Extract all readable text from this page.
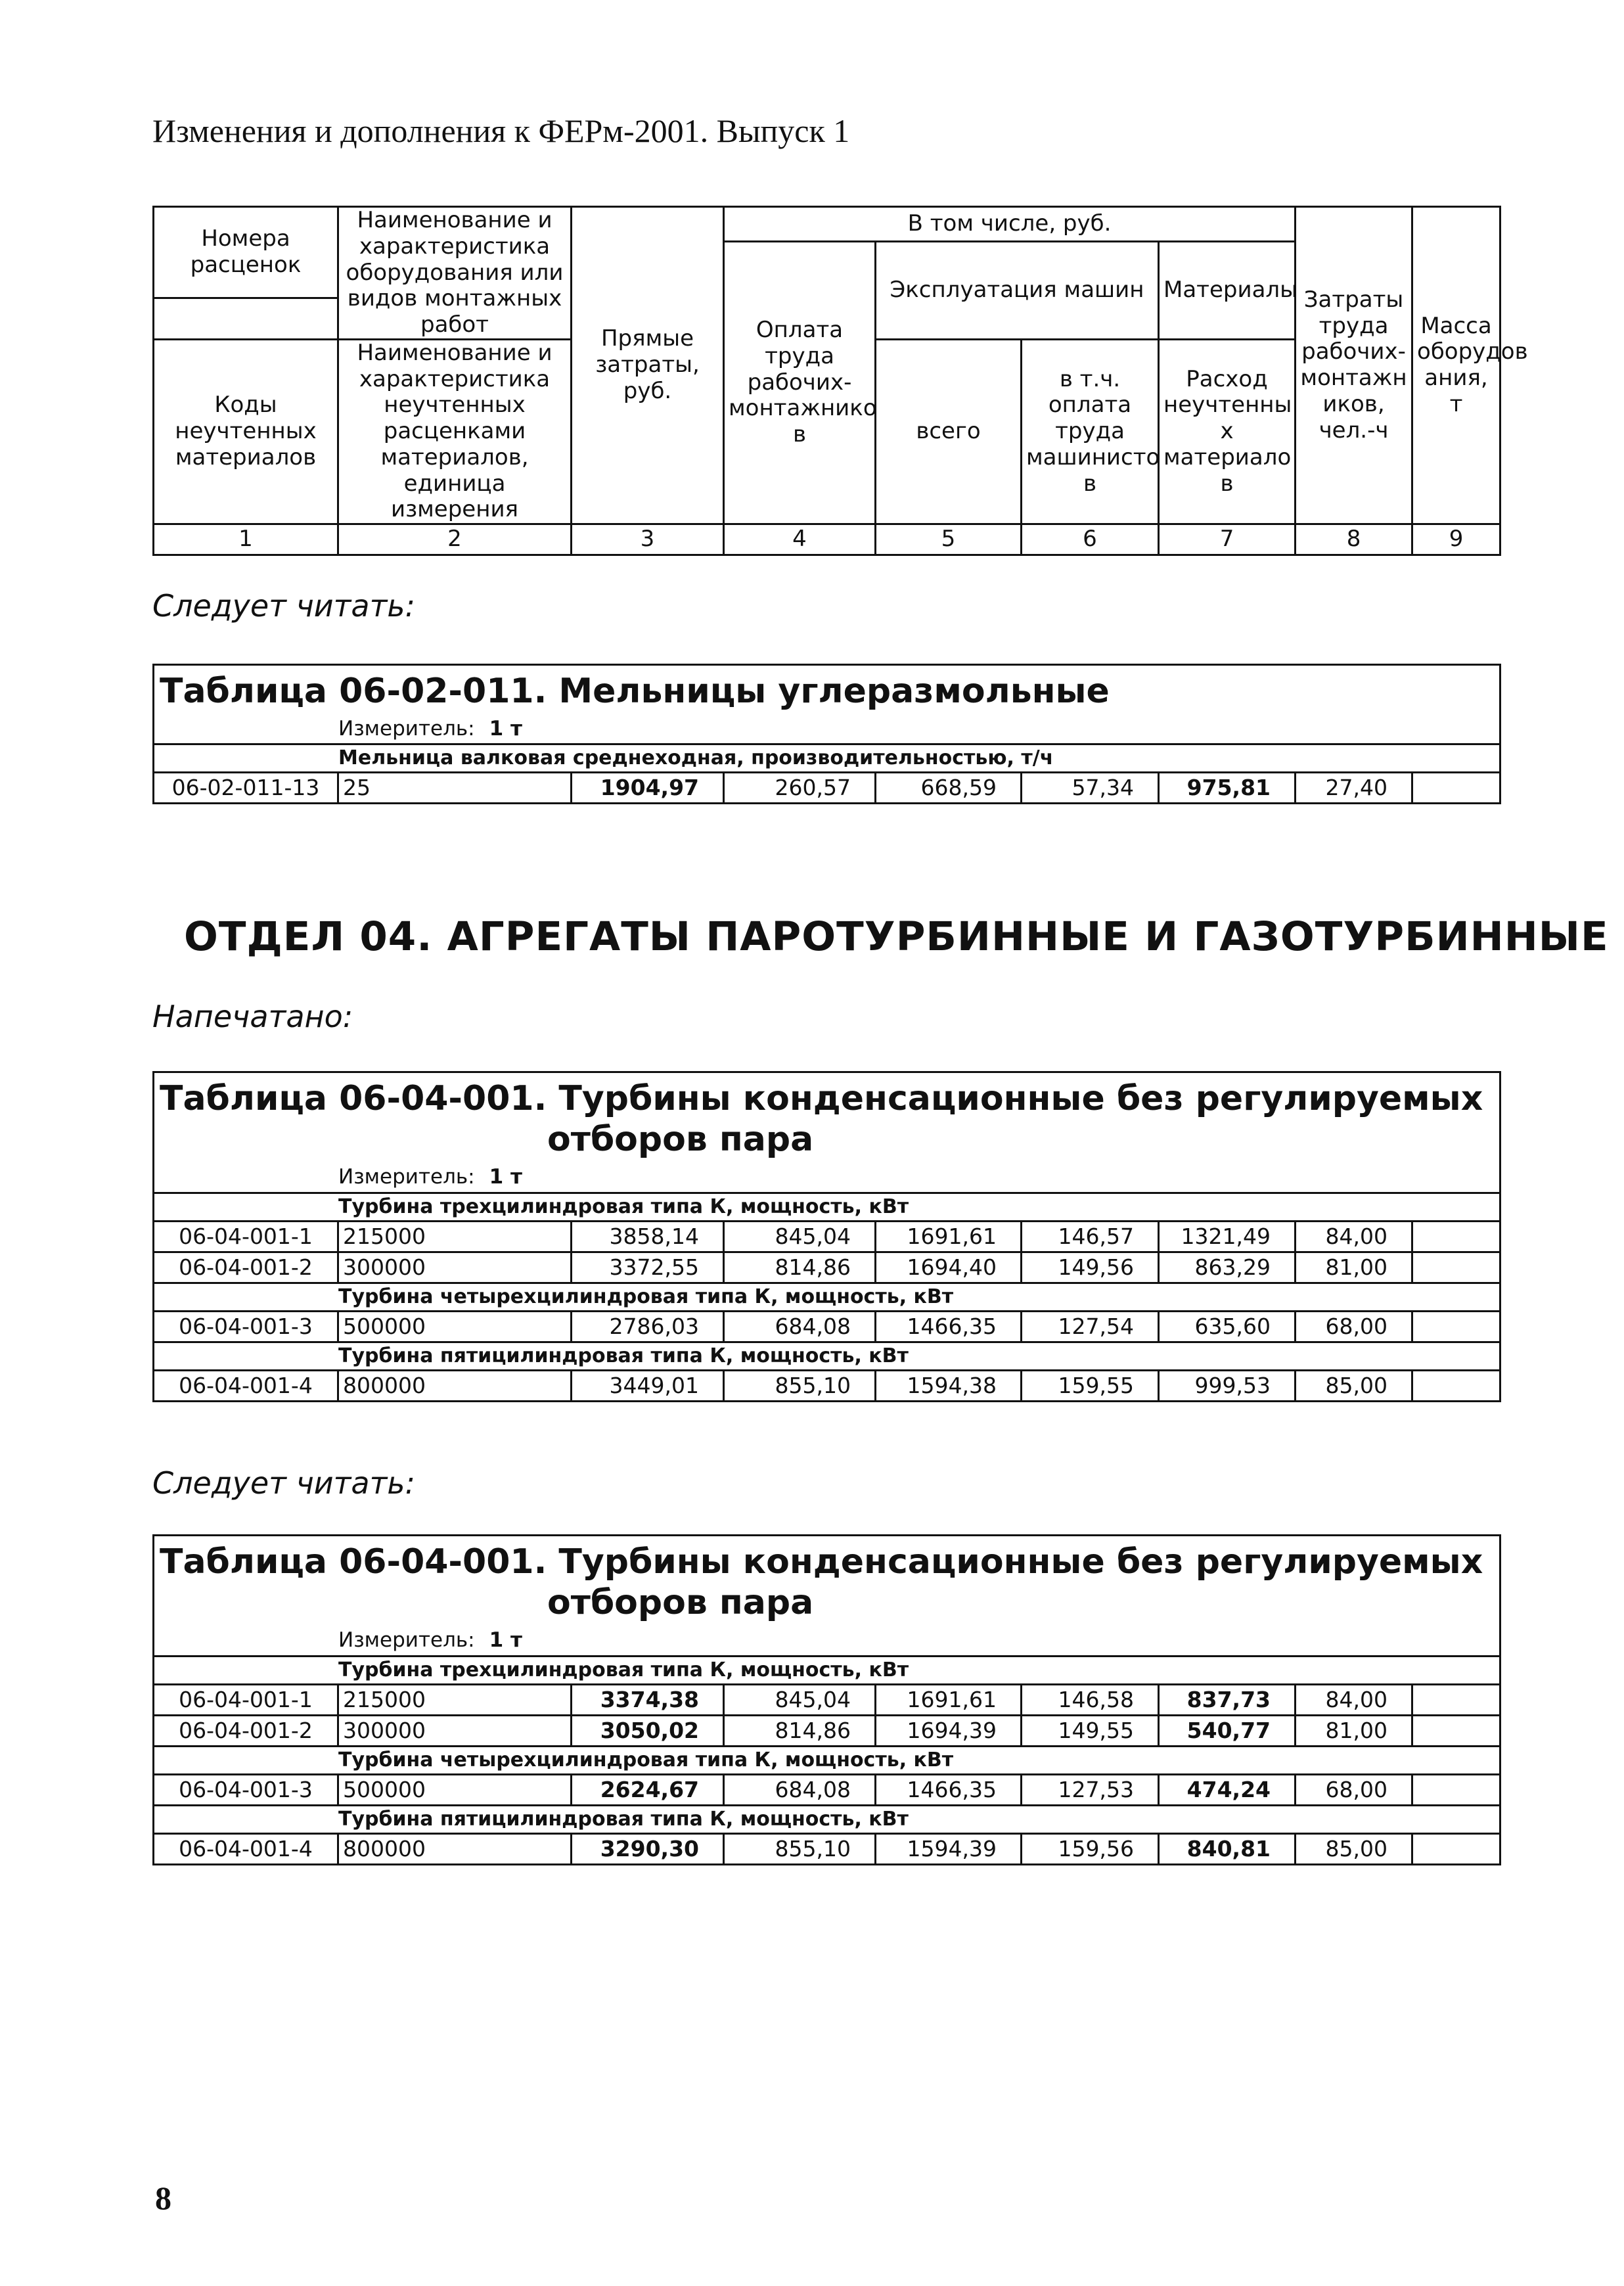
Изменения и дополнения к ФЕРм-2001. Выпуск 1
Номера расценок	Наименование и характеристика оборудования или видов монтажных работ	Прямые затраты, руб.	В том числе, руб.				Затраты труда рабочих-монтажн иков, чел.-ч	Масса оборудов ания, т
			Оплата труда рабочих-монтажнико в	Эксплуатация машин		Материалы		

Коды неучтенных материалов	Наименование и характеристика неучтенных расценками материалов, единица измерения			всего	в т.ч. оплата труда машинисто в	Расход неучтенны х материало в		

1	2	3	4	5	6	7	8	9
Следует читать:
Таблица 06-02-011. Мельницы углеразмольные
Измеритель: 1 т
Мельница валковая среднеходная, производительностью, т/ч
06-02-011-13	25	1904,97	260,57	668,59	57,34	975,81	27,40	
ОТДЕЛ 04. АГРЕГАТЫ ПАРОТУРБИННЫЕ И ГАЗОТУРБИННЫЕ
Напечатано:
Таблица 06-04-001. Турбины конденсационные без регулируемых
отборов пара								

Измеритель: 1 т								
Турбина трехцилиндровая типа К, мощность, кВт								
06-04-001-1	215000	3858,14	845,04	1691,61	146,57	1321,49	84,00	
06-04-001-2	300000	3372,55	814,86	1694,40	149,56	863,29	81,00	
Турбина четырехцилиндровая типа К, мощность, кВт								
06-04-001-3	500000	2786,03	684,08	1466,35	127,54	635,60	68,00	
Турбина пятицилиндровая типа К, мощность, кВт								
06-04-001-4	800000	3449,01	855,10	1594,38	159,55	999,53	85,00	
Следует читать:
Таблица 06-04-001. Турбины конденсационные без регулируемых
отборов пара								

Измеритель: 1 т								
Турбина трехцилиндровая типа К, мощность, кВт								
06-04-001-1	215000	3374,38	845,04	1691,61	146,58	837,73	84,00	
06-04-001-2	300000	3050,02	814,86	1694,39	149,55	540,77	81,00	
Турбина четырехцилиндровая типа К, мощность, кВт								
06-04-001-3	500000	2624,67	684,08	1466,35	127,53	474,24	68,00	
Турбина пятицилиндровая типа К, мощность, кВт								
06-04-001-4	800000	3290,30	855,10	1594,39	159,56	840,81	85,00	
8
